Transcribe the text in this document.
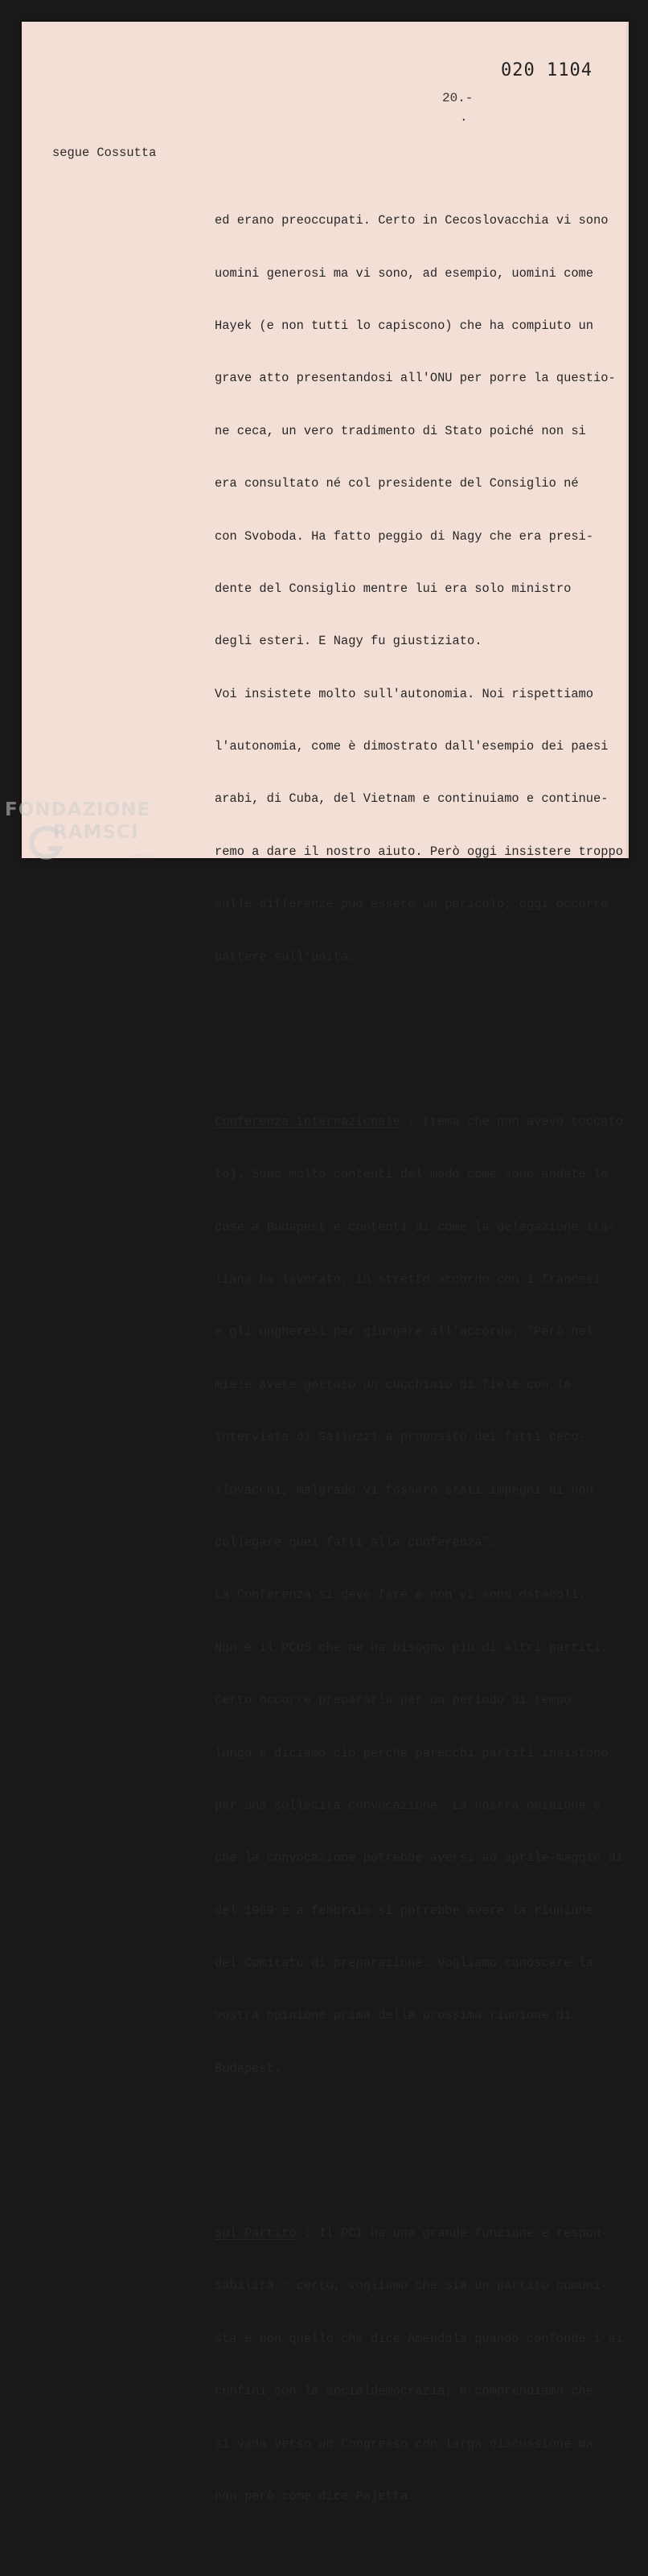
020 1104
20.-
.
segue Cossutta

ed erano preoccupati. Certo in Cecoslovacchia vi sono

uomini generosi ma vi sono, ad esempio, uomini come

Hayek (e non tutti lo capiscono) che ha compiuto un

grave atto presentandosi all'ONU per porre la questio-

ne ceca, un vero tradimento di Stato poiché non si

era consultato né col presidente del Consiglio né

con Svoboda. Ha fatto peggio di Nagy che era presi-

dente del Consiglio mentre lui era solo ministro

degli esteri. E Nagy fu giustiziato.

Voi insistete molto sull'autonomia. Noi rispettiamo

l'autonomia, come è dimostrato dall'esempio dei paesi

arabi, di Cuba, del Vietnam e continuiamo e continue-

remo a dare il nostro aiuto. Però oggi insistere troppo

sulle differenze può essere un pericolo; oggi occorre

battere sull'unità.

Conferenza internazionale : (tema che non avevo toccato

to). Sono molto contenti del modo come sono andate le

cose a Budapest e contenti di come la delegazione ita-

liana ha lavorato, in stretto accordo con i francesi

e gli ungheresi per giungere all'accordo. "Però nel

miele avete gettato un cucchiaio di fiele con la

intervista di Galluzzi a proposito dei fatti ceco-

slovacchi, malgrado vi fossero stati impegni di non

collegare quei fatti alla conferenza".

La Conferenza si deve fare e non vi sono ostacoli.

Non è il PCUS che ne ha bisogno più di altri partiti.

Certo occorre prepararla per un periodo di tempo

lungo e diciamo ciò perché parecchi partiti insistono

per una sollecita convocazione. La nostra opinione è

che la convocazione potrebbe aversi ad aprile-maggio di

del 1969 e a febbraio si potrebbe avere la riunione

del Comitato di preparazione. Vogliamo conoscere la

vostra opinione prima della prossima riunione di

Budapest.

Sul Partito : Il PCI ha una grande funzione e respon-

sabilità : certo, vogliamo che sia un partito comuni-

sta e non quello che dice Amendola quando confonde i ai

confini con la socialdemocrazia; e comprendiamo che

si vada verso un Congresso con larga discussione ma

non però come dice Pajetta.

FONDAZIONE
RAMSCI
onlus
